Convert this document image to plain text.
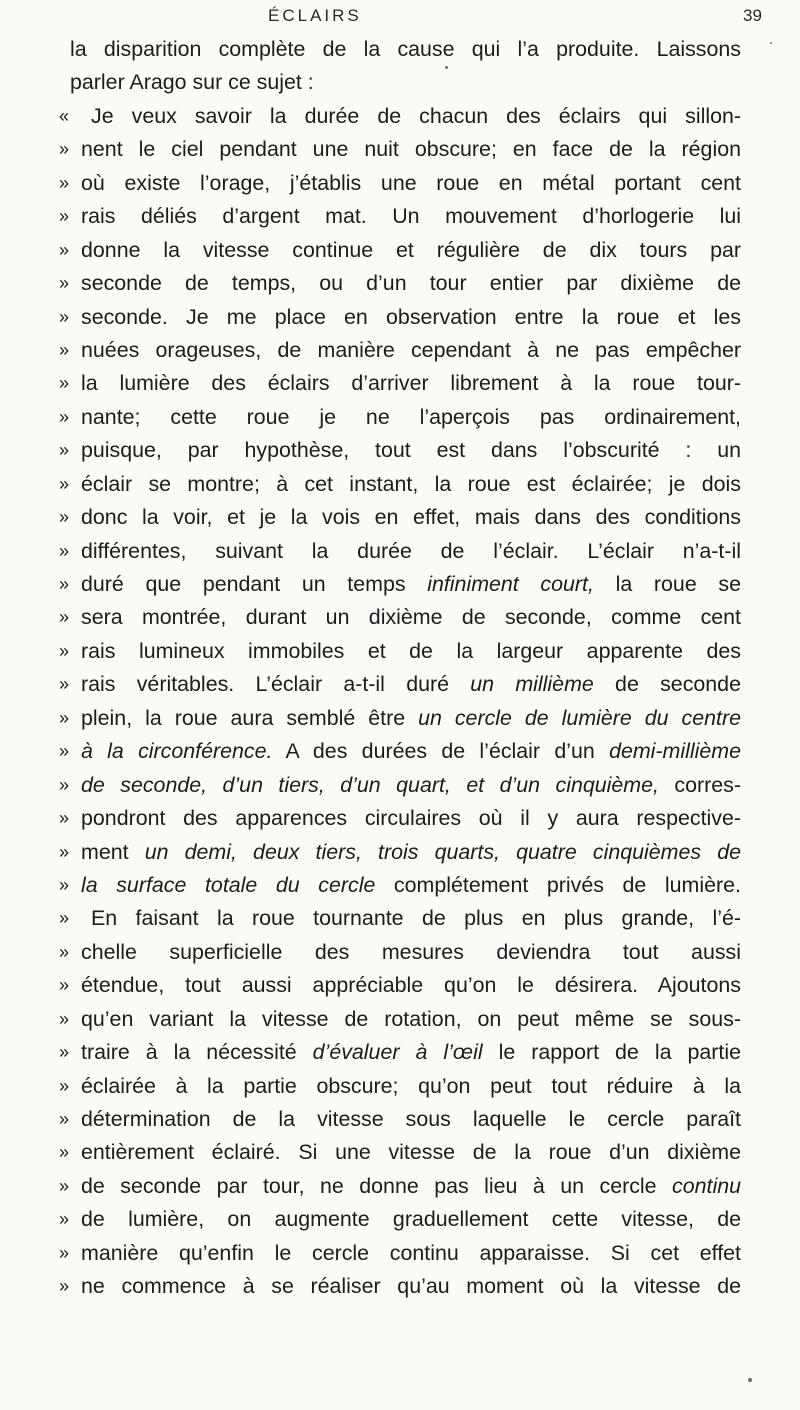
ÉCLAIRS	39
la disparition complète de la cause qui l’a produite. Laissons
parler Arago sur ce sujet :
« Je veux savoir la durée de chacun des éclairs qui sillon-
» nent le ciel pendant une nuit obscure; en face de la région
» où existe l’orage, j’établis une roue en métal portant cent
» rais déliés d’argent mat. Un mouvement d’horlogerie lui
» donne la vitesse continue et régulière de dix tours par
» seconde de temps, ou d’un tour entier par dixième de
» seconde. Je me place en observation entre la roue et les
» nuées orageuses, de manière cependant à ne pas empêcher
» la lumière des éclairs d’arriver librement à la roue tour-
» nante; cette roue je ne l’aperçois pas ordinairement,
» puisque, par hypothèse, tout est dans l’obscurité : un
» éclair se montre; à cet instant, la roue est éclairée; je dois
» donc la voir, et je la vois en effet, mais dans des conditions
» différentes, suivant la durée de l’éclair. L’éclair n’a-t-il
» duré que pendant un temps infiniment court, la roue se
» sera montrée, durant un dixième de seconde, comme cent
» rais lumineux immobiles et de la largeur apparente des
» rais véritables. L’éclair a-t-il duré un millième de seconde
» plein, la roue aura semblé être un cercle de lumière du centre
» à la circonférence. A des durées de l’éclair d’un demi-millième
» de seconde, d’un tiers, d’un quart, et d’un cinquième, corres-
» pondront des apparences circulaires où il y aura respective-
» ment un demi, deux tiers, trois quarts, quatre cinquièmes de
» la surface totale du cercle complétement privés de lumière.
» En faisant la roue tournante de plus en plus grande, l’é-
» chelle superficielle des mesures deviendra tout aussi
» étendue, tout aussi appréciable qu’on le désirera. Ajoutons
» qu’en variant la vitesse de rotation, on peut même se sous-
» traire à la nécessité d’évaluer à l’œil le rapport de la partie
» éclairée à la partie obscure; qu’on peut tout réduire à la
» détermination de la vitesse sous laquelle le cercle paraît
» entièrement éclairé. Si une vitesse de la roue d’un dixième
» de seconde par tour, ne donne pas lieu à un cercle continu
» de lumière, on augmente graduellement cette vitesse, de
» manière qu’enfin le cercle continu apparaisse. Si cet effet
» ne commence à se réaliser qu’au moment où la vitesse de
